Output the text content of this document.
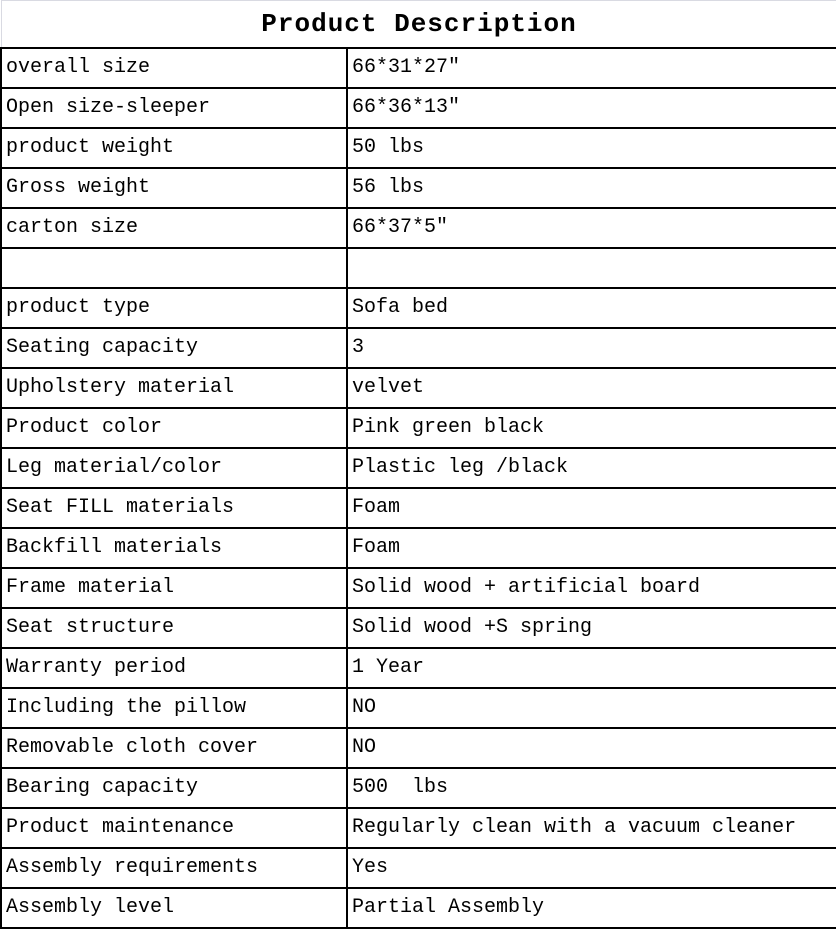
Product Description	
overall size	66*31*27″
Open size-sleeper	66*36*13″
product weight	50 lbs
Gross weight	56 lbs
carton size	66*37*5″

product type	Sofa bed
Seating capacity	3
Upholstery material	velvet
Product color	Pink green black
Leg material/color	Plastic leg /black
Seat FILL materials	Foam
Backfill materials	Foam
Frame material	Solid wood + artificial board
Seat structure	Solid wood +S spring
Warranty period	1 Year
Including the pillow	NO
Removable cloth cover	NO
Bearing capacity	500  lbs
Product maintenance	Regularly clean with a vacuum cleaner
Assembly requirements	Yes
Assembly level	Partial Assembly
